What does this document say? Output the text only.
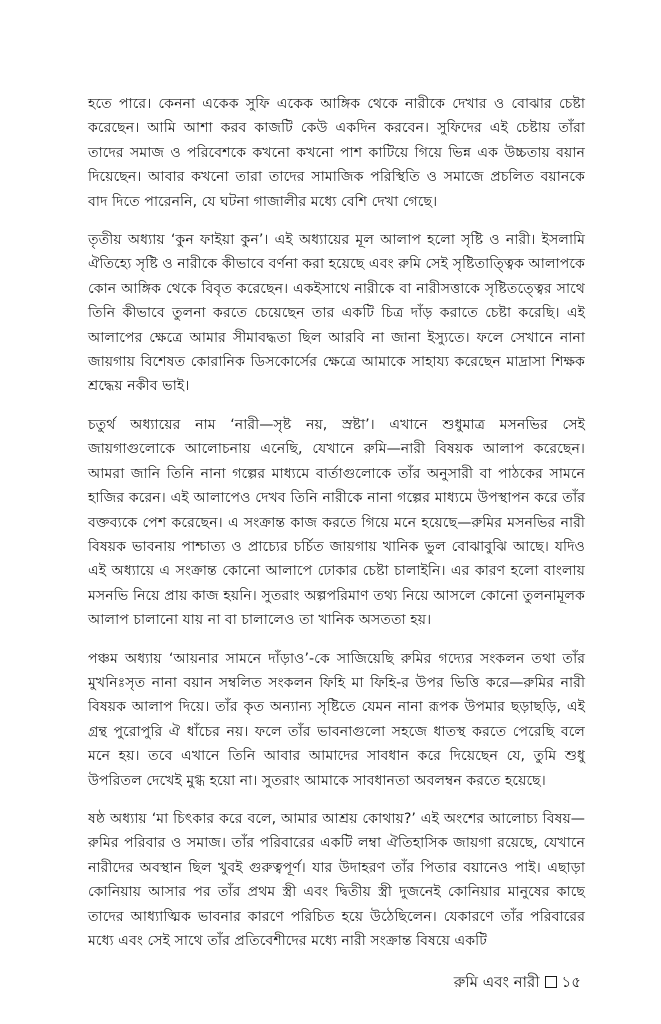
হতে পারে। কেননা একেক সুফি একেক আঙ্গিক থেকে নারীকে দেখার ও বোঝার চেষ্টা করেছেন। আমি আশা করব কাজটি কেউ একদিন করবেন। সুফিদের এই চেষ্টায় তাঁরা তাদের সমাজ ও পরিবেশকে কখনো কখনো পাশ কাটিয়ে গিয়ে ভিন্ন এক উচ্চতায় বয়ান দিয়েছেন। আবার কখনো তারা তাদের সামাজিক পরিস্থিতি ও সমাজে প্রচলিত বয়ানকে বাদ দিতে পারেননি, যে ঘটনা গাজালীর মধ্যে বেশি দেখা গেছে।

তৃতীয় অধ্যায় ‘কুন ফাইয়া কুন’। এই অধ্যায়ের মূল আলাপ হলো সৃষ্টি ও নারী। ইসলামি ঐতিহ্যে সৃষ্টি ও নারীকে কীভাবে বর্ণনা করা হয়েছে এবং রুমি সেই সৃষ্টিতাত্ত্বিক আলাপকে কোন আঙ্গিক থেকে বিবৃত করেছেন। একইসাথে নারীকে বা নারীসত্তাকে সৃষ্টিতত্ত্বের সাথে তিনি কীভাবে তুলনা করতে চেয়েছেন তার একটি চিত্র দাঁড় করাতে চেষ্টা করেছি। এই আলাপের ক্ষেত্রে আমার সীমাবদ্ধতা ছিল আরবি না জানা ইস্যুতে। ফলে সেখানে নানা জায়গায় বিশেষত কোরানিক ডিসকোর্সের ক্ষেত্রে আমাকে সাহায্য করেছেন মাদ্রাসা শিক্ষক শ্রদ্ধেয় নকীব ভাই।

চতুর্থ অধ্যায়ের নাম ‘নারী—সৃষ্ট নয়, স্রষ্টা’। এখানে শুধুমাত্র মসনভির সেই জায়গাগুলোকে আলোচনায় এনেছি, যেখানে রুমি—নারী বিষয়ক আলাপ করেছেন। আমরা জানি তিনি নানা গল্পের মাধ্যমে বার্তাগুলোকে তাঁর অনুসারী বা পাঠকের সামনে হাজির করেন। এই আলাপেও দেখব তিনি নারীকে নানা গল্পের মাধ্যমে উপস্থাপন করে তাঁর বক্তব্যকে পেশ করেছেন। এ সংক্রান্ত কাজ করতে গিয়ে মনে হয়েছে—রুমির মসনভির নারী বিষয়ক ভাবনায় পাশ্চাত্য ও প্রাচ্যের চর্চিত জায়গায় খানিক ভুল বোঝাবুঝি আছে। যদিও এই অধ্যায়ে এ সংক্রান্ত কোনো আলাপে ঢোকার চেষ্টা চালাইনি। এর কারণ হলো বাংলায় মসনভি নিয়ে প্রায় কাজ হয়নি। সুতরাং অল্পপরিমাণ তথ্য নিয়ে আসলে কোনো তুলনামূলক আলাপ চালানো যায় না বা চালালেও তা খানিক অসততা হয়।

পঞ্চম অধ্যায় ‘আয়নার সামনে দাঁড়াও’-কে সাজিয়েছি রুমির গদ্যের সংকলন তথা তাঁর মুখনিঃসৃত নানা বয়ান সম্বলিত সংকলন ফিহি মা ফিহি-র উপর ভিত্তি করে—রুমির নারী বিষয়ক আলাপ দিয়ে। তাঁর কৃত অন্যান্য সৃষ্টিতে যেমন নানা রূপক উপমার ছড়াছড়ি, এই গ্রন্থ পুরোপুরি ঐ ধাঁচের নয়। ফলে তাঁর ভাবনাগুলো সহজে ধাতস্থ করতে পেরেছি বলে মনে হয়। তবে এখানে তিনি আবার আমাদের সাবধান করে দিয়েছেন যে, তুমি শুধু উপরিতল দেখেই মুগ্ধ হয়ো না। সুতরাং আমাকে সাবধানতা অবলম্বন করতে হয়েছে।

ষষ্ঠ অধ্যায় ‘মা চিৎকার করে বলে, আমার আশ্রয় কোথায়?’ এই অংশের আলোচ্য বিষয়—রুমির পরিবার ও সমাজ। তাঁর পরিবারের একটি লম্বা ঐতিহাসিক জায়গা রয়েছে, যেখানে নারীদের অবস্থান ছিল খুবই গুরুত্বপূর্ণ। যার উদাহরণ তাঁর পিতার বয়ানেও পাই। এছাড়া কোনিয়ায় আসার পর তাঁর প্রথম স্ত্রী এবং দ্বিতীয় স্ত্রী দুজনেই কোনিয়ার মানুষের কাছে তাদের আধ্যাত্মিক ভাবনার কারণে পরিচিত হয়ে উঠেছিলেন। যেকারণে তাঁর পরিবারের মধ্যে এবং সেই সাথে তাঁর প্রতিবেশীদের মধ্যে নারী সংক্রান্ত বিষয়ে একটি

রুমি এবং নারী ১৫
